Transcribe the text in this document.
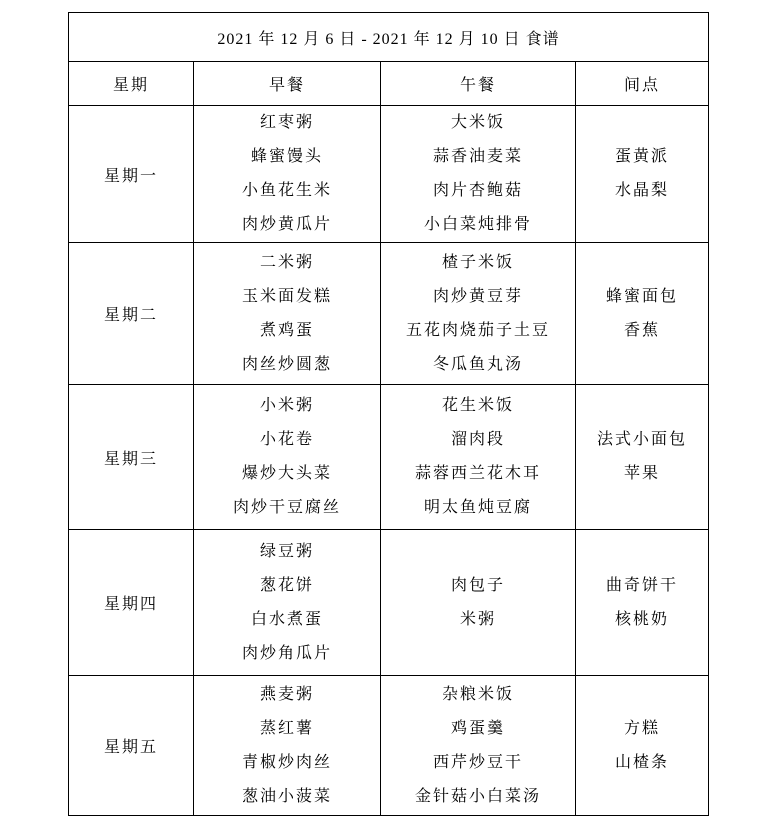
2021 年 12 月 6 日 - 2021 年 12 月 10 日 食谱			
星期	早餐	午餐	间点
星期一	
红枣粥
蜂蜜馒头
小鱼花生米
肉炒黄瓜片

大米饭
蒜香油麦菜
肉片杏鲍菇
小白菜炖排骨

蛋黄派
水晶梨

星期二	
二米粥
玉米面发糕
煮鸡蛋
肉丝炒圆葱

楂子米饭
肉炒黄豆芽
五花肉烧茄子土豆
冬瓜鱼丸汤

蜂蜜面包
香蕉

星期三	
小米粥
小花卷
爆炒大头菜
肉炒干豆腐丝

花生米饭
溜肉段
蒜蓉西兰花木耳
明太鱼炖豆腐

法式小面包
苹果

星期四	
绿豆粥
葱花饼
白水煮蛋
肉炒角瓜片

肉包子
米粥

曲奇饼干
核桃奶

星期五	
燕麦粥
蒸红薯
青椒炒肉丝
葱油小菠菜

杂粮米饭
鸡蛋羹
西芹炒豆干
金针菇小白菜汤

方糕
山楂条
